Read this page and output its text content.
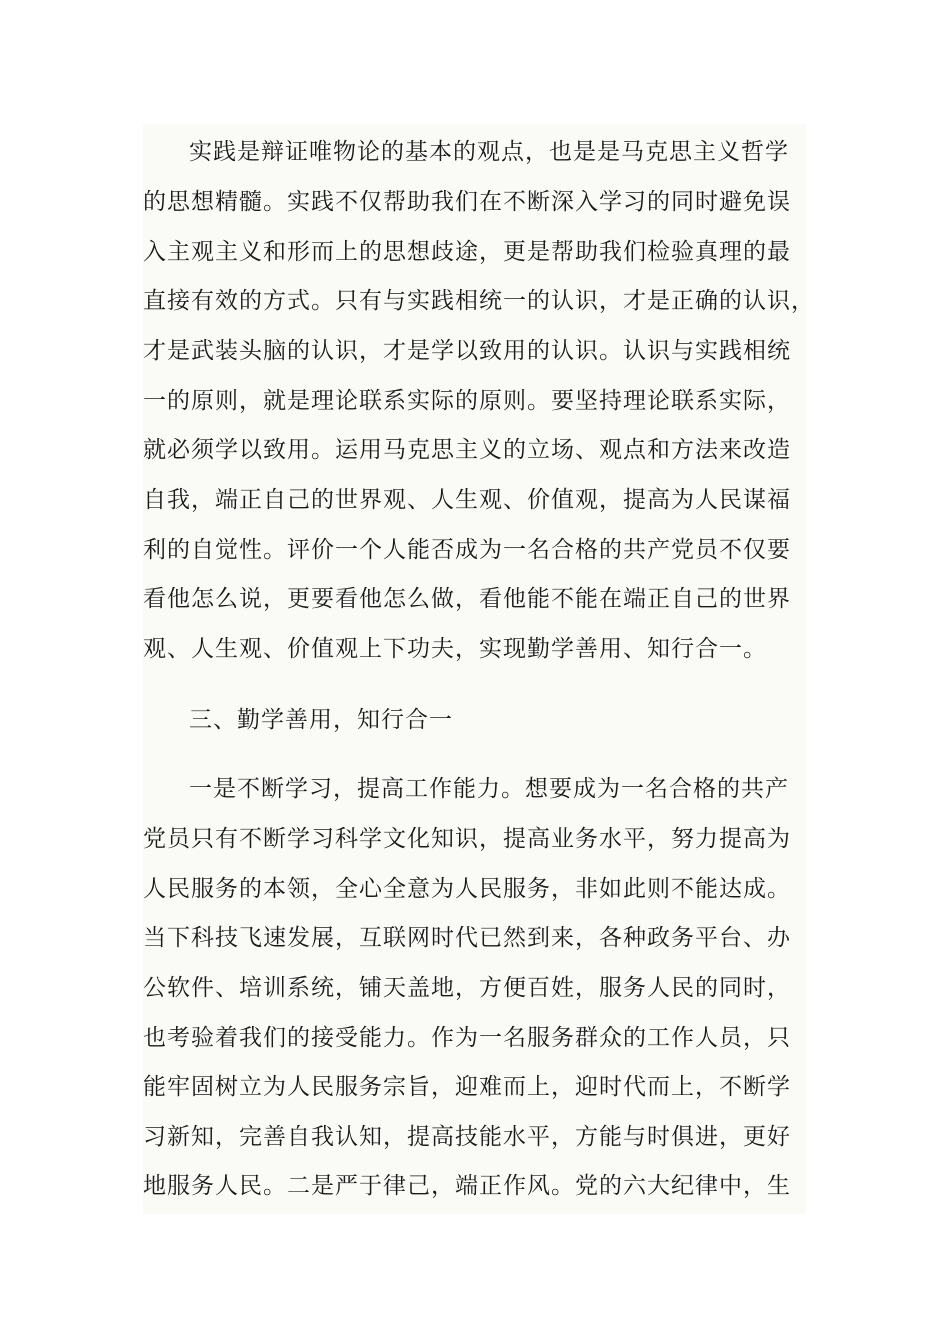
实践是辩证唯物论的基本的观点，也是是马克思主义哲学

的思想精髓。实践不仅帮助我们在不断深入学习的同时避免误

入主观主义和形而上的思想歧途，更是帮助我们检验真理的最

直接有效的方式。只有与实践相统一的认识，才是正确的认识，

才是武装头脑的认识，才是学以致用的认识。认识与实践相统

一的原则，就是理论联系实际的原则。要坚持理论联系实际，

就必须学以致用。运用马克思主义的立场、观点和方法来改造

自我，端正自己的世界观、人生观、价值观，提高为人民谋福

利的自觉性。评价一个人能否成为一名合格的共产党员不仅要

看他怎么说，更要看他怎么做，看他能不能在端正自己的世界

观、人生观、价值观上下功夫，实现勤学善用、知行合一。

三、勤学善用，知行合一

一是不断学习，提高工作能力。想要成为一名合格的共产

党员只有不断学习科学文化知识，提高业务水平，努力提高为

人民服务的本领，全心全意为人民服务，非如此则不能达成。

当下科技飞速发展，互联网时代已然到来，各种政务平台、办

公软件、培训系统，铺天盖地，方便百姓，服务人民的同时，

也考验着我们的接受能力。作为一名服务群众的工作人员，只

能牢固树立为人民服务宗旨，迎难而上，迎时代而上，不断学

习新知，完善自我认知，提高技能水平，方能与时俱进，更好

地服务人民。二是严于律己，端正作风。党的六大纪律中，生
